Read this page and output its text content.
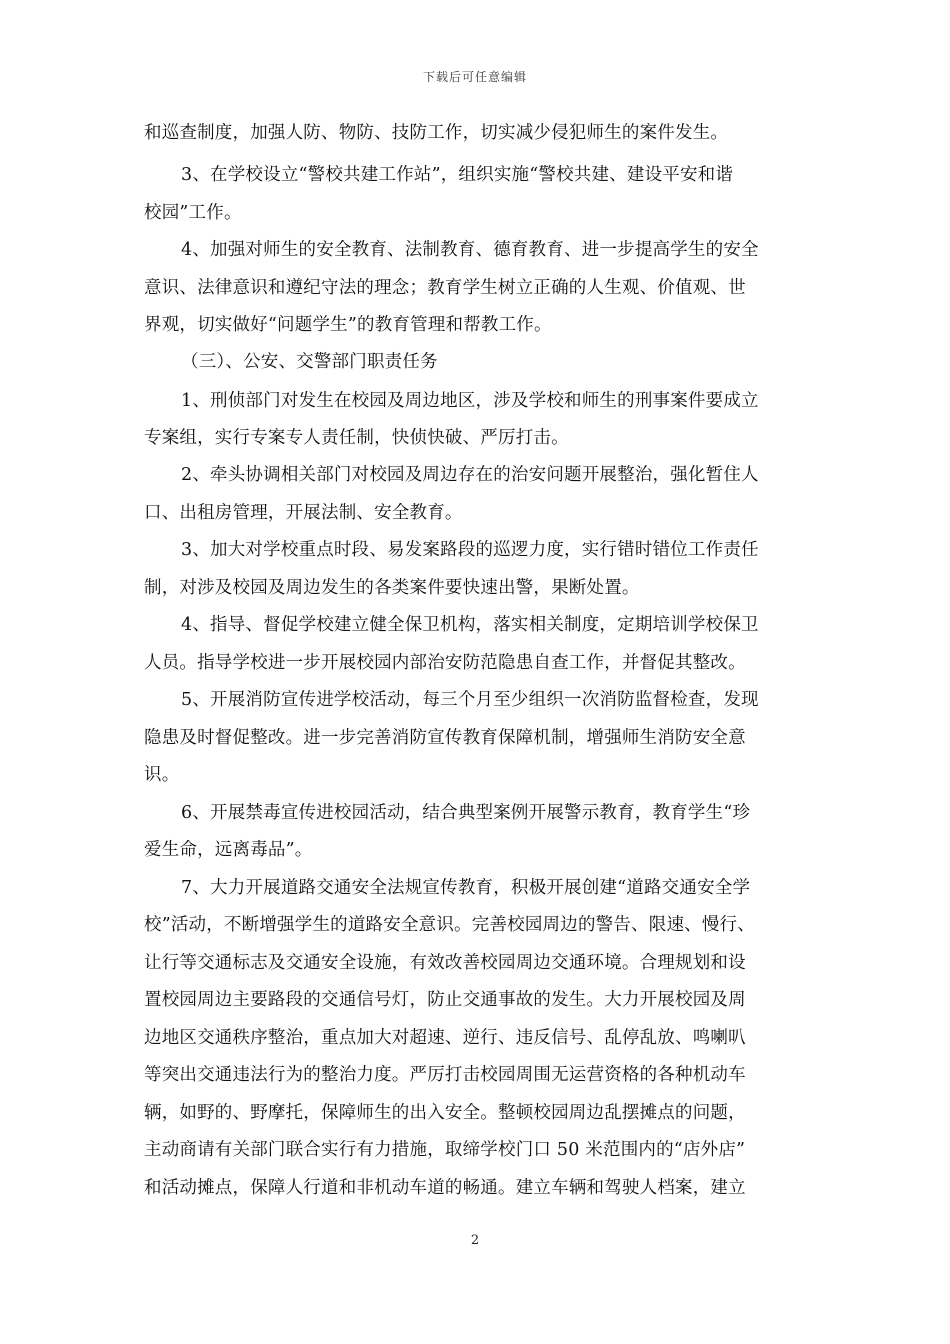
下载后可任意编辑
和巡查制度，加强人防、物防、技防工作，切实减少侵犯师生的案件发生。
3、在学校设立“警校共建工作站”，组织实施“警校共建、建设平安和谐
校园”工作。
4、加强对师生的安全教育、法制教育、德育教育、进一步提高学生的安全
意识、法律意识和遵纪守法的理念；教育学生树立正确的人生观、价值观、世
界观，切实做好“问题学生”的教育管理和帮教工作。
（三）、公安、交警部门职责任务
1、刑侦部门对发生在校园及周边地区，涉及学校和师生的刑事案件要成立
专案组，实行专案专人责任制，快侦快破、严厉打击。
2、牵头协调相关部门对校园及周边存在的治安问题开展整治，强化暂住人
口、出租房管理，开展法制、安全教育。
3、加大对学校重点时段、易发案路段的巡逻力度，实行错时错位工作责任
制，对涉及校园及周边发生的各类案件要快速出警，果断处置。
4、指导、督促学校建立健全保卫机构，落实相关制度，定期培训学校保卫
人员。指导学校进一步开展校园内部治安防范隐患自查工作，并督促其整改。
5、开展消防宣传进学校活动，每三个月至少组织一次消防监督检查，发现
隐患及时督促整改。进一步完善消防宣传教育保障机制，增强师生消防安全意
识。
6、开展禁毒宣传进校园活动，结合典型案例开展警示教育，教育学生“珍
爱生命，远离毒品”。
7、大力开展道路交通安全法规宣传教育，积极开展创建“道路交通安全学
校”活动，不断增强学生的道路安全意识。完善校园周边的警告、限速、慢行、
让行等交通标志及交通安全设施，有效改善校园周边交通环境。合理规划和设
置校园周边主要路段的交通信号灯，防止交通事故的发生。大力开展校园及周
边地区交通秩序整治，重点加大对超速、逆行、违反信号、乱停乱放、鸣喇叭
等突出交通违法行为的整治力度。严厉打击校园周围无运营资格的各种机动车
辆，如野的、野摩托，保障师生的出入安全。整顿校园周边乱摆摊点的问题，
主动商请有关部门联合实行有力措施，取缔学校门口 50 米范围内的“店外店”
和活动摊点，保障人行道和非机动车道的畅通。建立车辆和驾驶人档案，建立
2
